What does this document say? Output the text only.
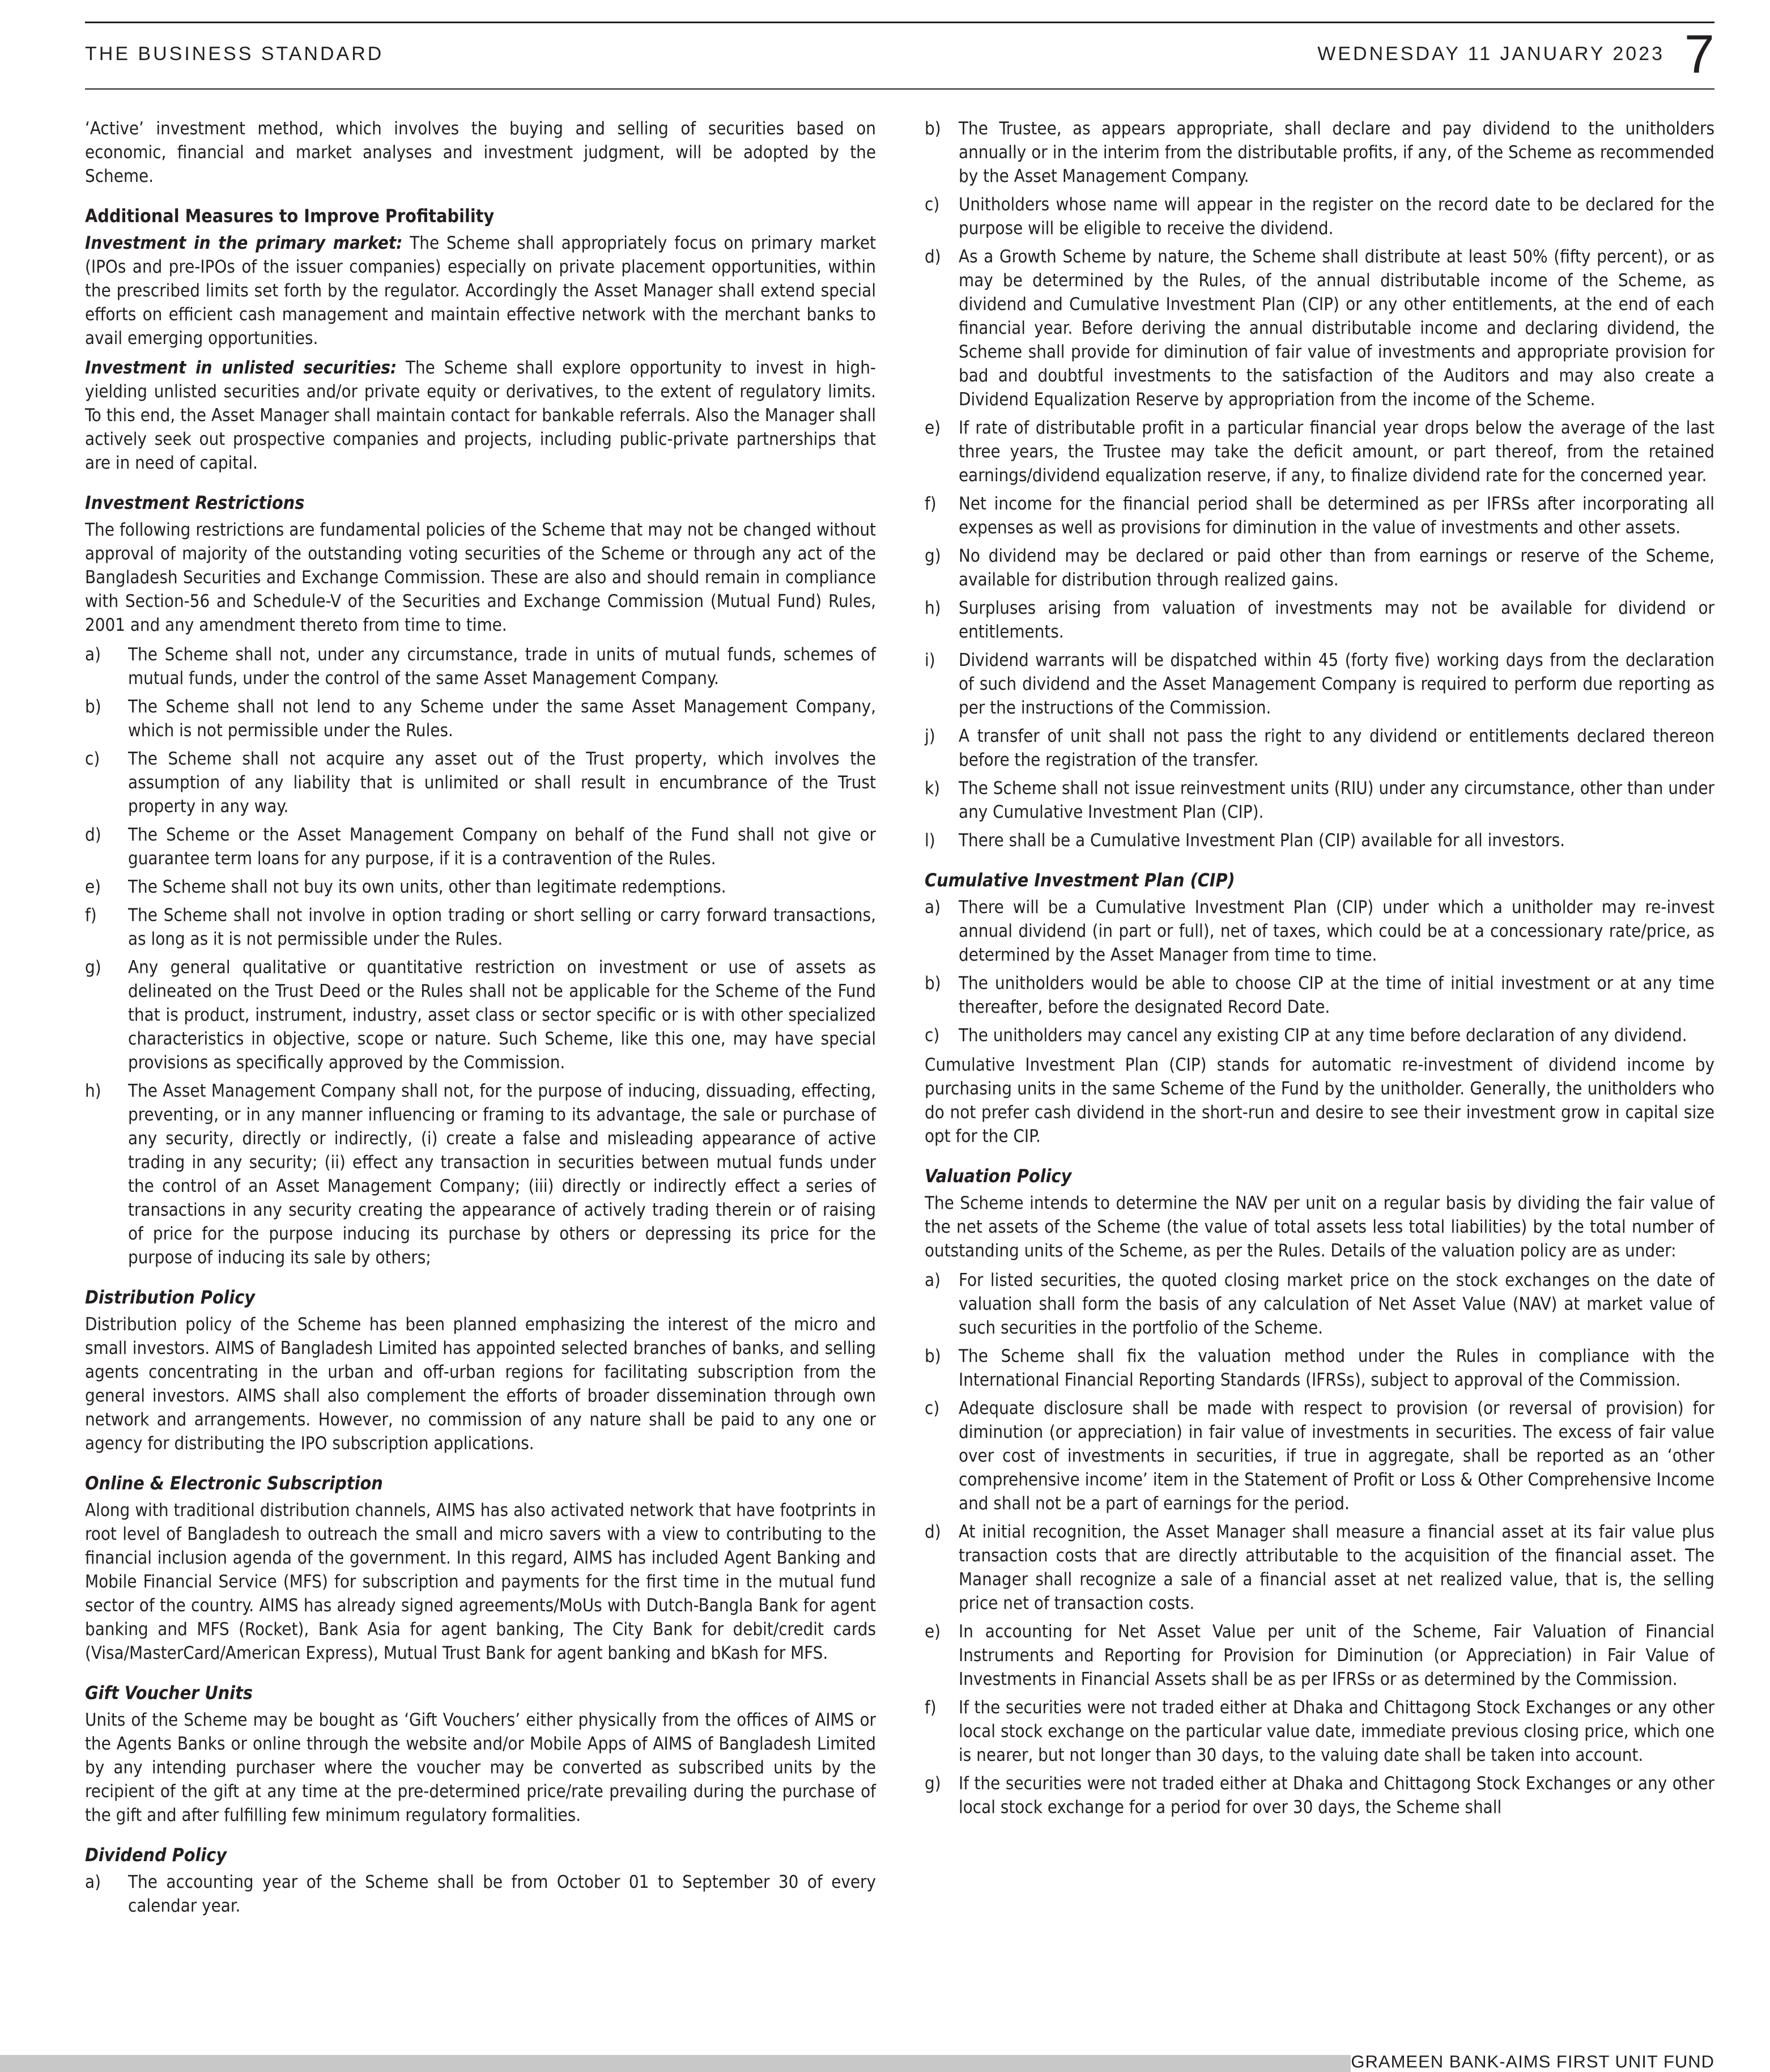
THE BUSINESS STANDARD	WEDNESDAY 11 JANUARY 2023 7

‘Active’ investment method, which involves the buying and selling of securities based on economic, financial and market analyses and investment judgment, will be adopted by the Scheme.

Additional Measures to Improve Profitability

Investment in the primary market: The Scheme shall appropriately focus on primary market (IPOs and pre-IPOs of the issuer companies) especially on private placement opportunities, within the prescribed limits set forth by the regulator. Accordingly the Asset Manager shall extend special efforts on efficient cash management and maintain effective network with the merchant banks to avail emerging opportunities.

Investment in unlisted securities: The Scheme shall explore opportunity to invest in high-yielding unlisted securities and/or private equity or derivatives, to the extent of regulatory limits. To this end, the Asset Manager shall maintain contact for bankable referrals. Also the Manager shall actively seek out prospective companies and projects, including public-private partnerships that are in need of capital.

Investment Restrictions

The following restrictions are fundamental policies of the Scheme that may not be changed without approval of majority of the outstanding voting securities of the Scheme or through any act of the Bangladesh Securities and Exchange Commission. These are also and should remain in compliance with Section-56 and Schedule-V of the Securities and Exchange Commission (Mutual Fund) Rules, 2001 and any amendment thereto from time to time.

a) The Scheme shall not, under any circumstance, trade in units of mutual funds, schemes of mutual funds, under the control of the same Asset Management Company.
b) The Scheme shall not lend to any Scheme under the same Asset Management Company, which is not permissible under the Rules.
c) The Scheme shall not acquire any asset out of the Trust property, which involves the assumption of any liability that is unlimited or shall result in encumbrance of the Trust property in any way.
d) The Scheme or the Asset Management Company on behalf of the Fund shall not give or guarantee term loans for any purpose, if it is a contravention of the Rules.
e) The Scheme shall not buy its own units, other than legitimate redemptions.
f) The Scheme shall not involve in option trading or short selling or carry forward transactions, as long as it is not permissible under the Rules.
g) Any general qualitative or quantitative restriction on investment or use of assets as delineated on the Trust Deed or the Rules shall not be applicable for the Scheme of the Fund that is product, instrument, industry, asset class or sector specific or is with other specialized characteristics in objective, scope or nature. Such Scheme, like this one, may have special provisions as specifically approved by the Commission.
h) The Asset Management Company shall not, for the purpose of inducing, dissuading, effecting, preventing, or in any manner influencing or framing to its advantage, the sale or purchase of any security, directly or indirectly, (i) create a false and misleading appearance of active trading in any security; (ii) effect any transaction in securities between mutual funds under the control of an Asset Management Company; (iii) directly or indirectly effect a series of transactions in any security creating the appearance of actively trading therein or of raising of price for the purpose inducing its purchase by others or depressing its price for the purpose of inducing its sale by others;
Distribution Policy

Distribution policy of the Scheme has been planned emphasizing the interest of the micro and small investors. AIMS of Bangladesh Limited has appointed selected branches of banks, and selling agents concentrating in the urban and off-urban regions for facilitating subscription from the general investors. AIMS shall also complement the efforts of broader dissemination through own network and arrangements. However, no commission of any nature shall be paid to any one or agency for distributing the IPO subscription applications.

Online & Electronic Subscription

Along with traditional distribution channels, AIMS has also activated network that have footprints in root level of Bangladesh to outreach the small and micro savers with a view to contributing to the financial inclusion agenda of the government. In this regard, AIMS has included Agent Banking and Mobile Financial Service (MFS) for subscription and payments for the first time in the mutual fund sector of the country. AIMS has already signed agreements/MoUs with Dutch-Bangla Bank for agent banking and MFS (Rocket), Bank Asia for agent banking, The City Bank for debit/credit cards (Visa/MasterCard/American Express), Mutual Trust Bank for agent banking and bKash for MFS.

Gift Voucher Units

Units of the Scheme may be bought as ‘Gift Vouchers’ either physically from the offices of AIMS or the Agents Banks or online through the website and/or Mobile Apps of AIMS of Bangladesh Limited by any intending purchaser where the voucher may be converted as subscribed units by the recipient of the gift at any time at the pre-determined price/rate prevailing during the purchase of the gift and after fulfilling few minimum regulatory formalities.

Dividend Policy
a) The accounting year of the Scheme shall be from October 01 to September 30 of every calendar year.
b) The Trustee, as appears appropriate, shall declare and pay dividend to the unitholders annually or in the interim from the distributable profits, if any, of the Scheme as recommended by the Asset Management Company.
c) Unitholders whose name will appear in the register on the record date to be declared for the purpose will be eligible to receive the dividend.
d) As a Growth Scheme by nature, the Scheme shall distribute at least 50% (fifty percent), or as may be determined by the Rules, of the annual distributable income of the Scheme, as dividend and Cumulative Investment Plan (CIP) or any other entitlements, at the end of each financial year. Before deriving the annual distributable income and declaring dividend, the Scheme shall provide for diminution of fair value of investments and appropriate provision for bad and doubtful investments to the satisfaction of the Auditors and may also create a Dividend Equalization Reserve by appropriation from the income of the Scheme.
e) If rate of distributable profit in a particular financial year drops below the average of the last three years, the Trustee may take the deficit amount, or part thereof, from the retained earnings/dividend equalization reserve, if any, to finalize dividend rate for the concerned year.
f) Net income for the financial period shall be determined as per IFRSs after incorporating all expenses as well as provisions for diminution in the value of investments and other assets.
g) No dividend may be declared or paid other than from earnings or reserve of the Scheme, available for distribution through realized gains.
h) Surpluses arising from valuation of investments may not be available for dividend or entitlements.
i) Dividend warrants will be dispatched within 45 (forty five) working days from the declaration of such dividend and the Asset Management Company is required to perform due reporting as per the instructions of the Commission.
j) A transfer of unit shall not pass the right to any dividend or entitlements declared thereon before the registration of the transfer.
k) The Scheme shall not issue reinvestment units (RIU) under any circumstance, other than under any Cumulative Investment Plan (CIP).
l) There shall be a Cumulative Investment Plan (CIP) available for all investors.
Cumulative Investment Plan (CIP)
a) There will be a Cumulative Investment Plan (CIP) under which a unitholder may re-invest annual dividend (in part or full), net of taxes, which could be at a concessionary rate/price, as determined by the Asset Manager from time to time.
b) The unitholders would be able to choose CIP at the time of initial investment or at any time thereafter, before the designated Record Date.
c) The unitholders may cancel any existing CIP at any time before declaration of any dividend.

Cumulative Investment Plan (CIP) stands for automatic re-investment of dividend income by purchasing units in the same Scheme of the Fund by the unitholder. Generally, the unitholders who do not prefer cash dividend in the short-run and desire to see their investment grow in capital size opt for the CIP.

Valuation Policy

The Scheme intends to determine the NAV per unit on a regular basis by dividing the fair value of the net assets of the Scheme (the value of total assets less total liabilities) by the total number of outstanding units of the Scheme, as per the Rules. Details of the valuation policy are as under:

a) For listed securities, the quoted closing market price on the stock exchanges on the date of valuation shall form the basis of any calculation of Net Asset Value (NAV) at market value of such securities in the portfolio of the Scheme.
b) The Scheme shall fix the valuation method under the Rules in compliance with the International Financial Reporting Standards (IFRSs), subject to approval of the Commission.
c) Adequate disclosure shall be made with respect to provision (or reversal of provision) for diminution (or appreciation) in fair value of investments in securities. The excess of fair value over cost of investments in securities, if true in aggregate, shall be reported as an ‘other comprehensive income’ item in the Statement of Profit or Loss & Other Comprehensive Income and shall not be a part of earnings for the period.
d) At initial recognition, the Asset Manager shall measure a financial asset at its fair value plus transaction costs that are directly attributable to the acquisition of the financial asset. The Manager shall recognize a sale of a financial asset at net realized value, that is, the selling price net of transaction costs.
e) In accounting for Net Asset Value per unit of the Scheme, Fair Valuation of Financial Instruments and Reporting for Provision for Diminution (or Appreciation) in Fair Value of Investments in Financial Assets shall be as per IFRSs or as determined by the Commission.
f) If the securities were not traded either at Dhaka and Chittagong Stock Exchanges or any other local stock exchange on the particular value date, immediate previous closing price, which one is nearer, but not longer than 30 days, to the valuing date shall be taken into account.
g) If the securities were not traded either at Dhaka and Chittagong Stock Exchanges or any other local stock exchange for a period for over 30 days, the Scheme shall
GRAMEEN BANK-AIMS FIRST UNIT FUND
